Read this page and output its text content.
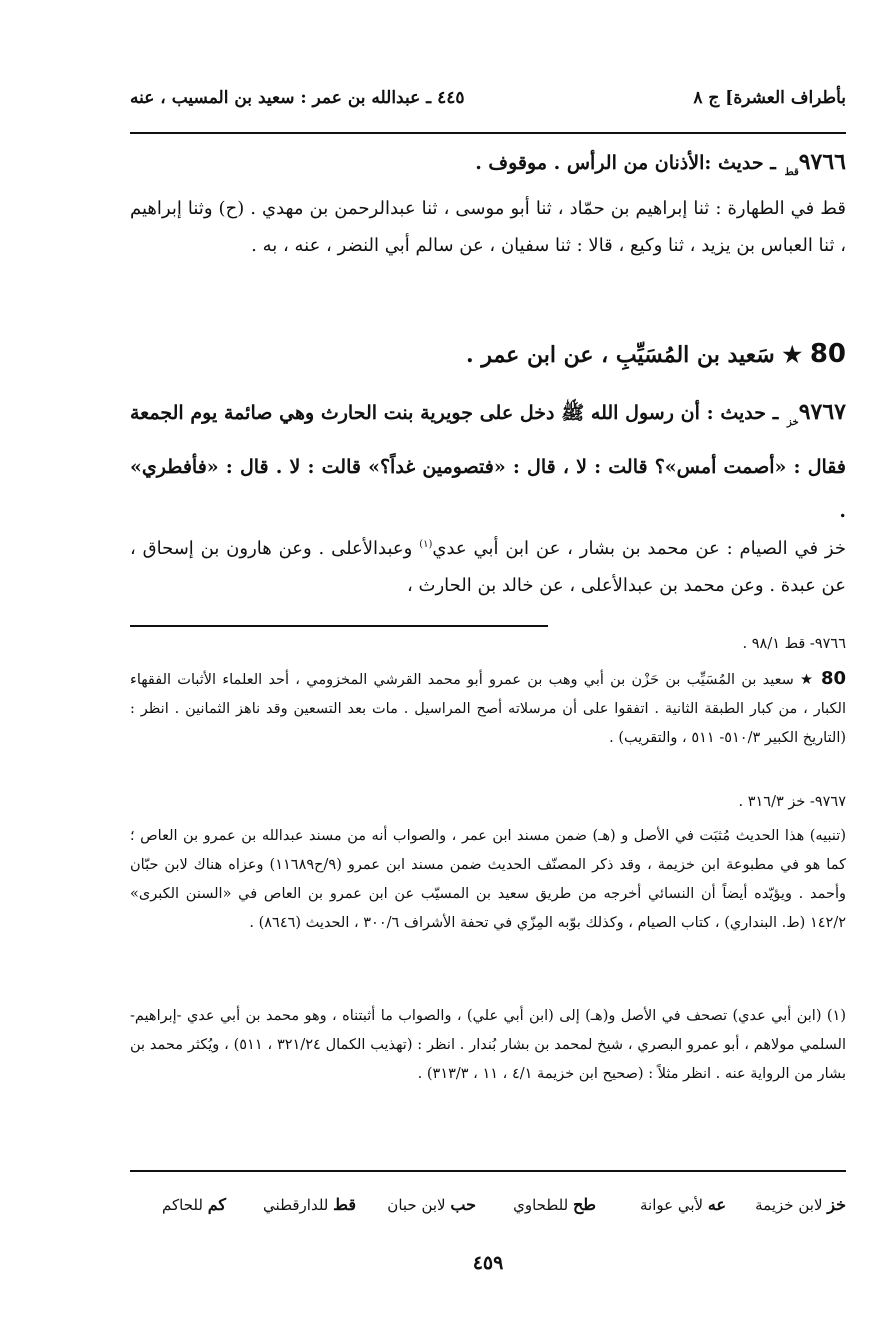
بأطراف العشرة] ج ٨
٤٤٥ ـ عبدالله بن عمر : سعيد بن المسيب ، عنه
$٩٧٦٦_{قط}$ ـ حديث :الأذنان من الرأس . موقوف .
قط في الطهارة : ثنا إبراهيم بن حمّاد ، ثنا أبو موسى ، ثنا عبدالرحمن بن مهدي . (ح) وثنا إبراهيم ، ثنا العباس بن يزيد ، ثنا وكيع ، قالا : ثنا سفيان ، عن سالم أبي النضر ، عنه ، به .
80 ★ سَعيد بن المُسَيِّبِ ، عن ابن عمر .
$٩٧٦٧_{خز}$ ـ حديث : أن رسول الله ﷺ دخل على جويرية بنت الحارث وهي صائمة يوم الجمعة فقال : «أصمت أمس»؟ قالت : لا ، قال : «فتصومين غداً؟» قالت : لا . قال : «فأفطري» .
خز في الصيام : عن محمد بن بشار ، عن ابن أبي عدي$^{(١)}$ وعبدالأعلى . وعن هارون بن إسحاق ، عن عبدة . وعن محمد بن عبدالأعلى ، عن خالد بن الحارث ،
٩٧٦٦- قط ٩٨/١ .
80 ★ سعيد بن المُسَيِّب بن حَزْن بن أبي وهب بن عمرو أبو محمد القرشي المخزومي ، أحد العلماء الأثبات الفقهاء الكبار ، من كبار الطبقة الثانية . اتفقوا على أن مرسلاته أصح المراسيل . مات بعد التسعين وقد ناهز الثمانين . انظر : (التاريخ الكبير ٥١٠/٣- ٥١١ ، والتقريب) .
٩٧٦٧- خز ٣١٦/٣ .
(تنبيه) هذا الحديث مُثبَت في الأصل و (هـ) ضمن مسند ابن عمر ، والصواب أنه من مسند عبدالله بن عمرو بن العاص ؛ كما هو في مطبوعة ابن خزيمة ، وقد ذكر المصنّف الحديث ضمن مسند ابن عمرو (٩/ح١١٦٨٩) وعزاه هناك لابن حبّان وأحمد . ويؤيّده أيضاً أن النسائي أخرجه من طريق سعيد بن المسيّب عن ابن عمرو بن العاص في «السنن الكبرى» ١٤٢/٢ (ط. البنداري) ، كتاب الصيام ، وكذلك بوّبه المِزّي في تحفة الأشراف ٣٠٠/٦ ، الحديث (٨٦٤٦) .
(١) (ابن أبي عدي) تصحف في الأصل و(هـ) إلى (ابن أبي علي) ، والصواب ما أثبتناه ، وهو محمد بن أبي عدي -إبراهيم- السلمي مولاهم ، أبو عمرو البصري ، شيخ لمحمد بن بشار بُندار . انظر : (تهذيب الكمال ٣٢١/٢٤ ، ٥١١) ، ويُكثر محمد بن بشار من الرواية عنه . انظر مثلاً : (صحيح ابن خزيمة ٤/١ ، ١١ ، ٣١٣/٣) .
خز لابن خزيمة
عه لأبي عوانة
طح للطحاوي
حب لابن حبان
قط للدارقطني
كم للحاكم
٤٥٩
